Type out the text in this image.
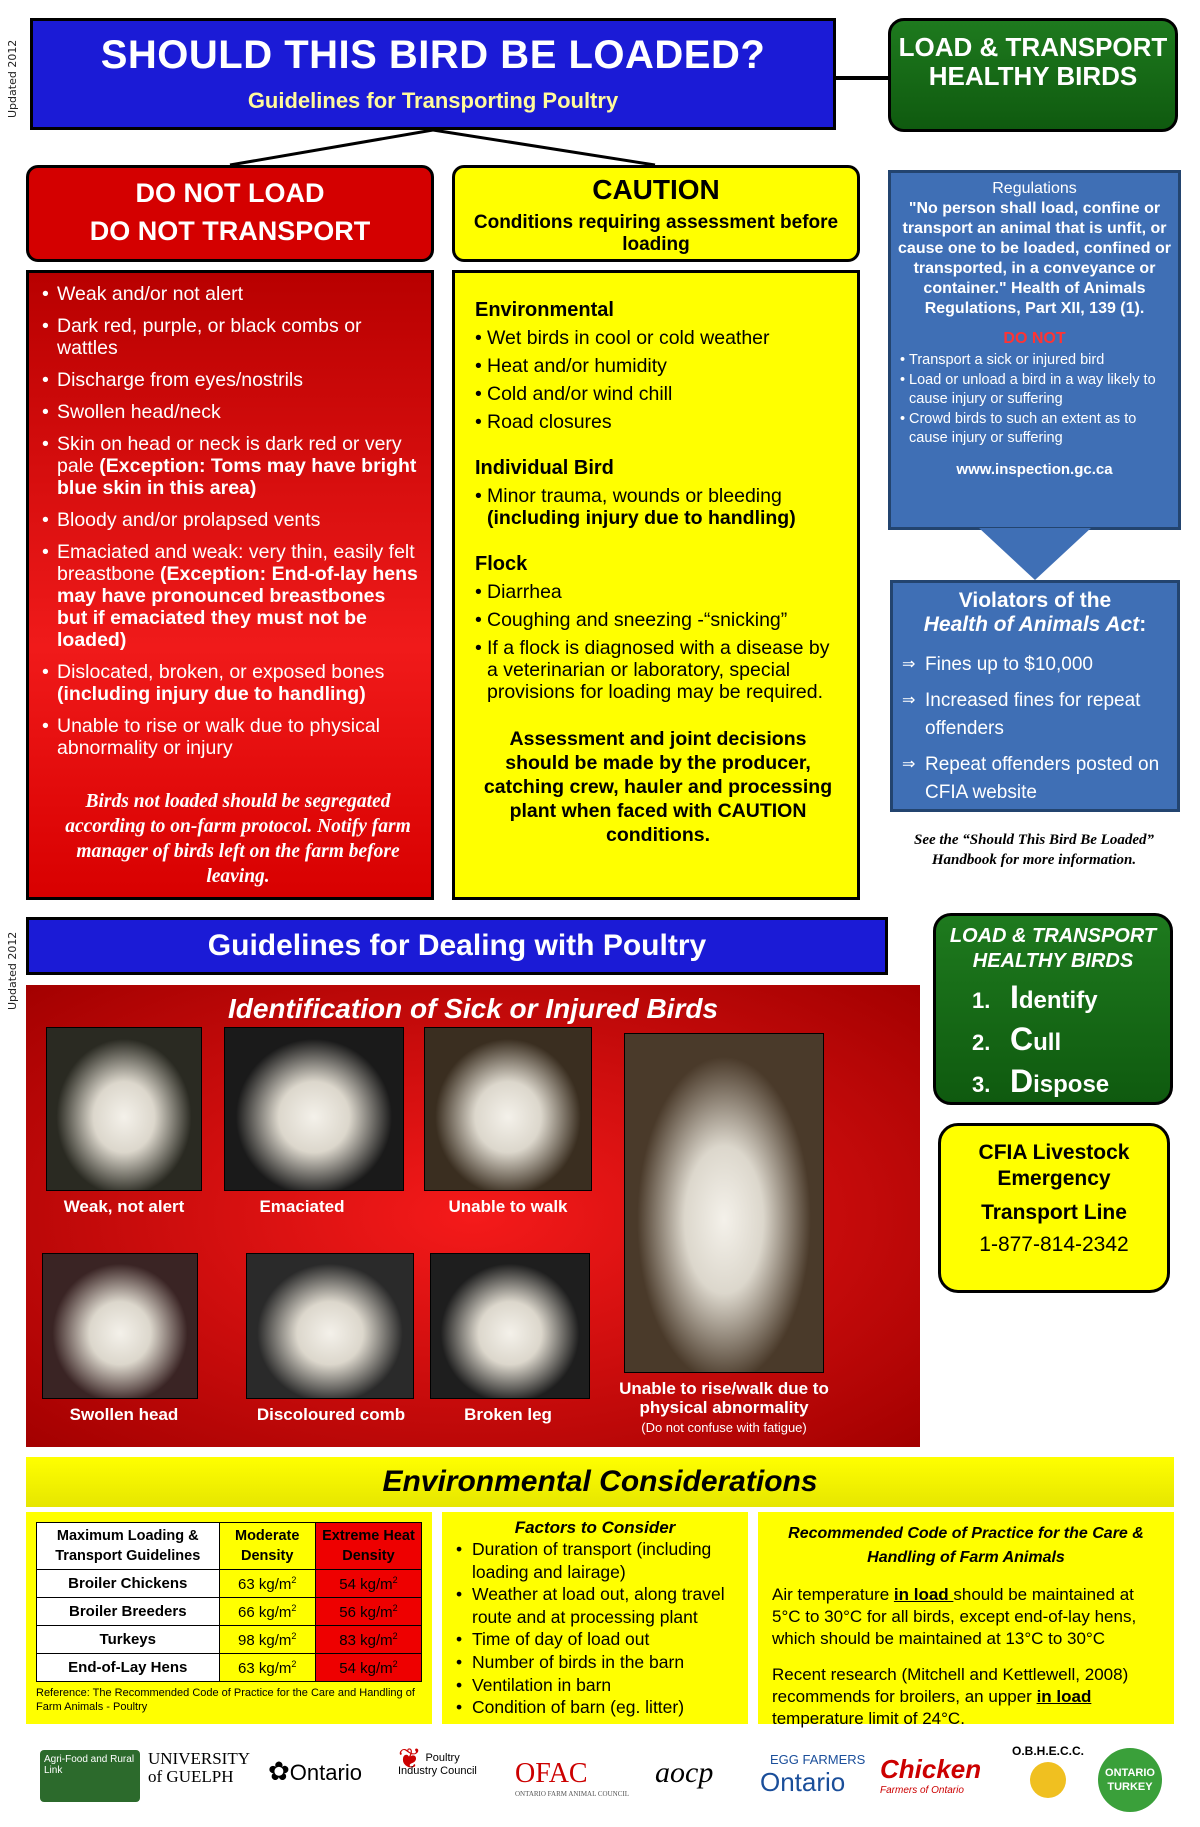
Updated 2012
Updated 2012
SHOULD THIS BIRD BE LOADED?
Guidelines for Transporting Poultry
LOAD & TRANSPORT HEALTHY BIRDS
DO NOT LOAD
DO NOT TRANSPORT
CAUTION
Conditions requiring assessment before loading
• Weak and/or not alert
• Dark red, purple, or black combs or wattles
• Discharge from eyes/nostrils
• Swollen head/neck
• Skin on head or neck is dark red or very pale (Exception: Toms may have bright blue skin in this area)
• Bloody and/or prolapsed vents
• Emaciated and weak: very thin, easily felt breastbone (Exception: End-of-lay hens may have pronounced breastbones but if emaciated they must not be loaded)
• Dislocated, broken, or exposed bones
(including injury due to handling)
• Unable to rise or walk due to physical abnormality or injury
Birds not loaded should be segregated according to on-farm protocol. Notify farm manager of birds left on the farm before leaving.
Environmental
• Wet birds in cool or cold weather
• Heat and/or humidity
• Cold and/or wind chill
• Road closures
Individual Bird
• Minor trauma, wounds or bleeding (including injury due to handling)
Flock
• Diarrhea
• Coughing and sneezing -“snicking”
• If a flock is diagnosed with a disease by a veterinarian or laboratory, special provisions for loading may be required.
Assessment and joint decisions should be made by the producer, catching crew, hauler and processing plant when faced with CAUTION conditions.
Regulations
"No person shall load, confine or transport an animal that is unfit, or cause one to be loaded, confined or transported, in a conveyance or container." Health of Animals Regulations, Part XII, 139 (1).
DO NOT
• Transport a sick or injured bird
• Load or unload a bird in a way likely to cause injury or suffering
• Crowd birds to such an extent as to cause injury or suffering
www.inspection.gc.ca
Violators of the
Health of Animals Act:
⇒ Fines up to $10,000
⇒ Increased fines for repeat offenders
⇒ Repeat offenders posted on CFIA website
See the “Should This Bird Be Loaded” Handbook for more information.
Guidelines for Dealing with Poultry
Identification of Sick or Injured Birds
Weak, not alert	Emaciated	Unable to walk
Swollen head	Discoloured comb	Broken leg
Unable to rise/walk due to physical abnormality
(Do not confuse with fatigue)
LOAD & TRANSPORT HEALTHY BIRDS
1. Identify
2. Cull
3. Dispose
CFIA Livestock
Emergency
Transport Line
1-877-814-2342
Environmental Considerations
Maximum Loading & Transport Guidelines	Moderate Density	Extreme Heat Density
Broiler Chickens	63 $kg/m^2$	54 $kg/m^2$
Broiler Breeders	66 $kg/m^2$	56 $kg/m^2$
Turkeys	98 $kg/m^2$	83 $kg/m^2$
End-of-Lay Hens	63 $kg/m^2$	54 $kg/m^2$
Reference: The Recommended Code of Practice for the Care and Handling of Farm Animals - Poultry
Factors to Consider
• Duration of transport (including loading and lairage)
• Weather at load out, along travel route and at processing plant
• Time of day of load out
• Number of birds in the barn
• Ventilation in barn
• Condition of barn (eg. litter)
Recommended Code of Practice for the Care & Handling of Farm Animals

Air temperature in load should be maintained at 5°C to 30°C for all birds, except end-of-lay hens, which should be maintained at 13°C to 30°C

Recent research (Mitchell and Kettlewell, 2008) recommends for broilers, an upper in load temperature limit of 24°C.

Agri-Food and Rural Link
UNIVERSITY of GUELPH	✿Ontario ❦ Poultry Industry Council	OFAC
ONTARIO FARM ANIMAL COUNCIL
aocp	EGG FARMERS
Ontario	Chicken
Farmers of Ontario
O.B.H.E.C.C.
ONTARIO TURKEY
